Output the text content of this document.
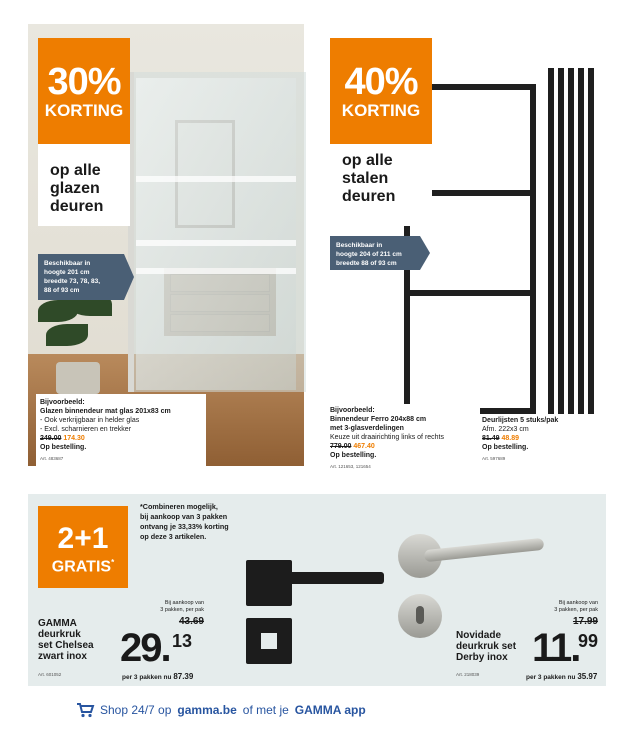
30%
KORTING
op alle
glazen
deuren
Beschikbaar in
hoogte 201 cm
breedte 73, 78, 83,
88 of 93 cm
Bijvoorbeeld:
Glazen binnendeur mat glas 201x83 cm
- Ook verkrijgbaar in helder glas
- Excl. scharnieren en trekker
249.00 174.30
Op bestelling.
Art. 483687
40%
KORTING
op alle
stalen
deuren
Beschikbaar in
hoogte 204 of 211 cm
breedte 88 of 93 cm
Bijvoorbeeld:
Binnendeur Ferro 204x88 cm
met 3-glasverdelingen
Keuze uit draairichting links of rechts
779.00 467.40
Op bestelling.
Art. 121653, 121654
Deurlijsten 5 stuks/pak
Afm. 222x3 cm
81.49 48.89
Op bestelling.
Art. 597689
2+1
GRATIS*
*Combineren mogelijk,
bij aankoop van 3 pakken
ontvang je 33,33% korting
op deze 3 artikelen.
GAMMA
deurkruk
set Chelsea
zwart inox
Bij aankoop van
3 pakken, per pak
43.69
29. 13
per 3 pakken nu 87.39
Art. 601052
Novidade
deurkruk set
Derby inox
Bij aankoop van
3 pakken, per pak
17.99
11.
99
per 3 pakken nu 35.97
Art. 218039
Shop 24/7 op gamma.be of met je GAMMA app
